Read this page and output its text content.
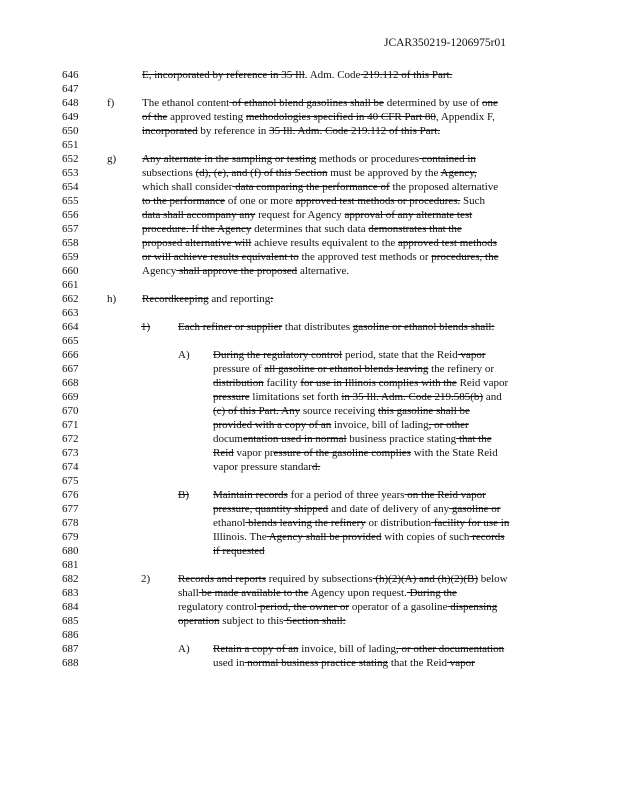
JCAR350219-1206975r01
646	E, incorporated by reference in 35 Ill. Adm. Code 219.112 of this Part.
647
648	f)	The ethanol content of ethanol blend gasolines shall be determined by use of one
649	of the approved testing methodologies specified in 40 CFR Part 80, Appendix F,
650	incorporated by reference in 35 Ill. Adm. Code 219.112 of this Part.
651
652	g) Any alternate in the sampling or testing methods or procedures contained in
653	subsections (d), (e), and (f) of this Section must be approved by the Agency,
654	which shall consider data comparing the performance of the proposed alternative
655	to the performance of one or more approved test methods or procedures. Such
656	data shall accompany any request for Agency approval of any alternate test
657	procedure. If the Agency determines that such data demonstrates that the
658	proposed alternative will achieve results equivalent to the approved test methods
659	or will achieve results equivalent to the approved test methods or procedures, the
660	Agency shall approve the proposed alternative.
661
662	h) Recordkeeping and reporting:
663
664	1)	Each refiner or supplier that distributes gasoline or ethanol blends shall:
665
666	A) During the regulatory control period, state that the Reid vapor
667	pressure of all gasoline or ethanol blends leaving the refinery or
668	distribution facility for use in Illinois complies with the Reid vapor
669	pressure limitations set forth in 35 Ill. Adm. Code 219.585(b) and
670	(c) of this Part. Any source receiving this gasoline shall be
671	provided with a copy of an invoice, bill of lading, or other
672	documentation used in normal business practice stating that the
673	Reid vapor pressure of the gasoline complies with the State Reid
674	vapor pressure standard.
675
676	B) Maintain records for a period of three years on the Reid vapor
677	pressure, quantity shipped and date of delivery of any gasoline or
678	ethanol blends leaving the refinery or distribution facility for use in
679	Illinois. The Agency shall be provided with copies of such records
680	if requested
681
682	2)	Records and reports required by subsections (h)(2)(A) and (h)(2)(B) below
683	shall be made available to the Agency upon request. During the
684	regulatory control period, the owner or operator of a gasoline dispensing
685	operation subject to this Section shall:
686
687	A) Retain a copy of an invoice, bill of lading, or other documentation
688	used in normal business practice stating that the Reid vapor
